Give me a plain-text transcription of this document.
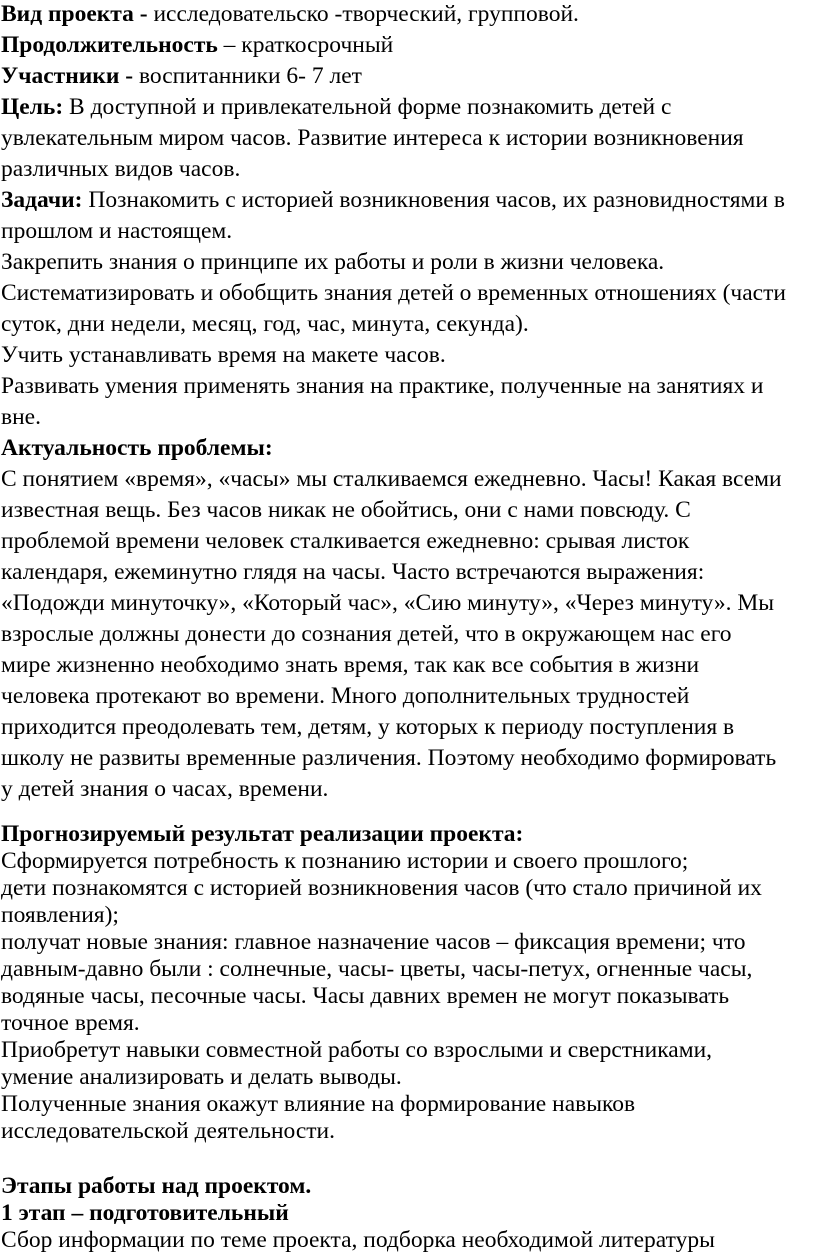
Вид проекта - исследовательско -творческий, групповой.
Продолжительность – краткосрочный
Участники - воспитанники 6- 7 лет
Цель: В доступной и привлекательной форме познакомить детей с
увлекательным миром часов. Развитие интереса к истории возникновения
различных видов часов.
Задачи: Познакомить с историей возникновения часов, их разновидностями в
прошлом и настоящем.
Закрепить знания о принципе их работы и роли в жизни человека.
Систематизировать и обобщить знания детей о временных отношениях (части
суток, дни недели, месяц, год, час, минута, секунда).
Учить устанавливать время на макете часов.
Развивать умения применять знания на практике, полученные на занятиях и
вне.
Актуальность проблемы:
С понятием «время», «часы» мы сталкиваемся ежедневно. Часы! Какая всеми
известная вещь. Без часов никак не обойтись, они с нами повсюду. С
проблемой времени человек сталкивается ежедневно: срывая листок
календаря, ежеминутно глядя на часы. Часто встречаются выражения:
«Подожди минуточку», «Который час», «Сию минуту», «Через минуту». Мы
взрослые должны донести до сознания детей, что в окружающем нас его
мире жизненно необходимо знать время, так как все события в жизни
человека протекают во времени. Много дополнительных трудностей
приходится преодолевать тем, детям, у которых к периоду поступления в
школу не развиты временные различения. Поэтому необходимо формировать
у детей знания о часах, времени.
Прогнозируемый результат реализации проекта:
Сформируется потребность к познанию истории и своего прошлого;
дети познакомятся с историей возникновения часов (что стало причиной их
появления);
получат новые знания: главное назначение часов – фиксация времени; что
давным-давно были : солнечные, часы- цветы, часы-петух, огненные часы,
водяные часы, песочные часы. Часы давних времен не могут показывать
точное время.
Приобретут навыки совместной работы со взрослыми и сверстниками,
умение анализировать и делать выводы.
Полученные знания окажут влияние на формирование навыков
исследовательской деятельности.
Этапы работы над проектом.
1 этап – подготовительный
Сбор информации по теме проекта, подборка необходимой литературы
